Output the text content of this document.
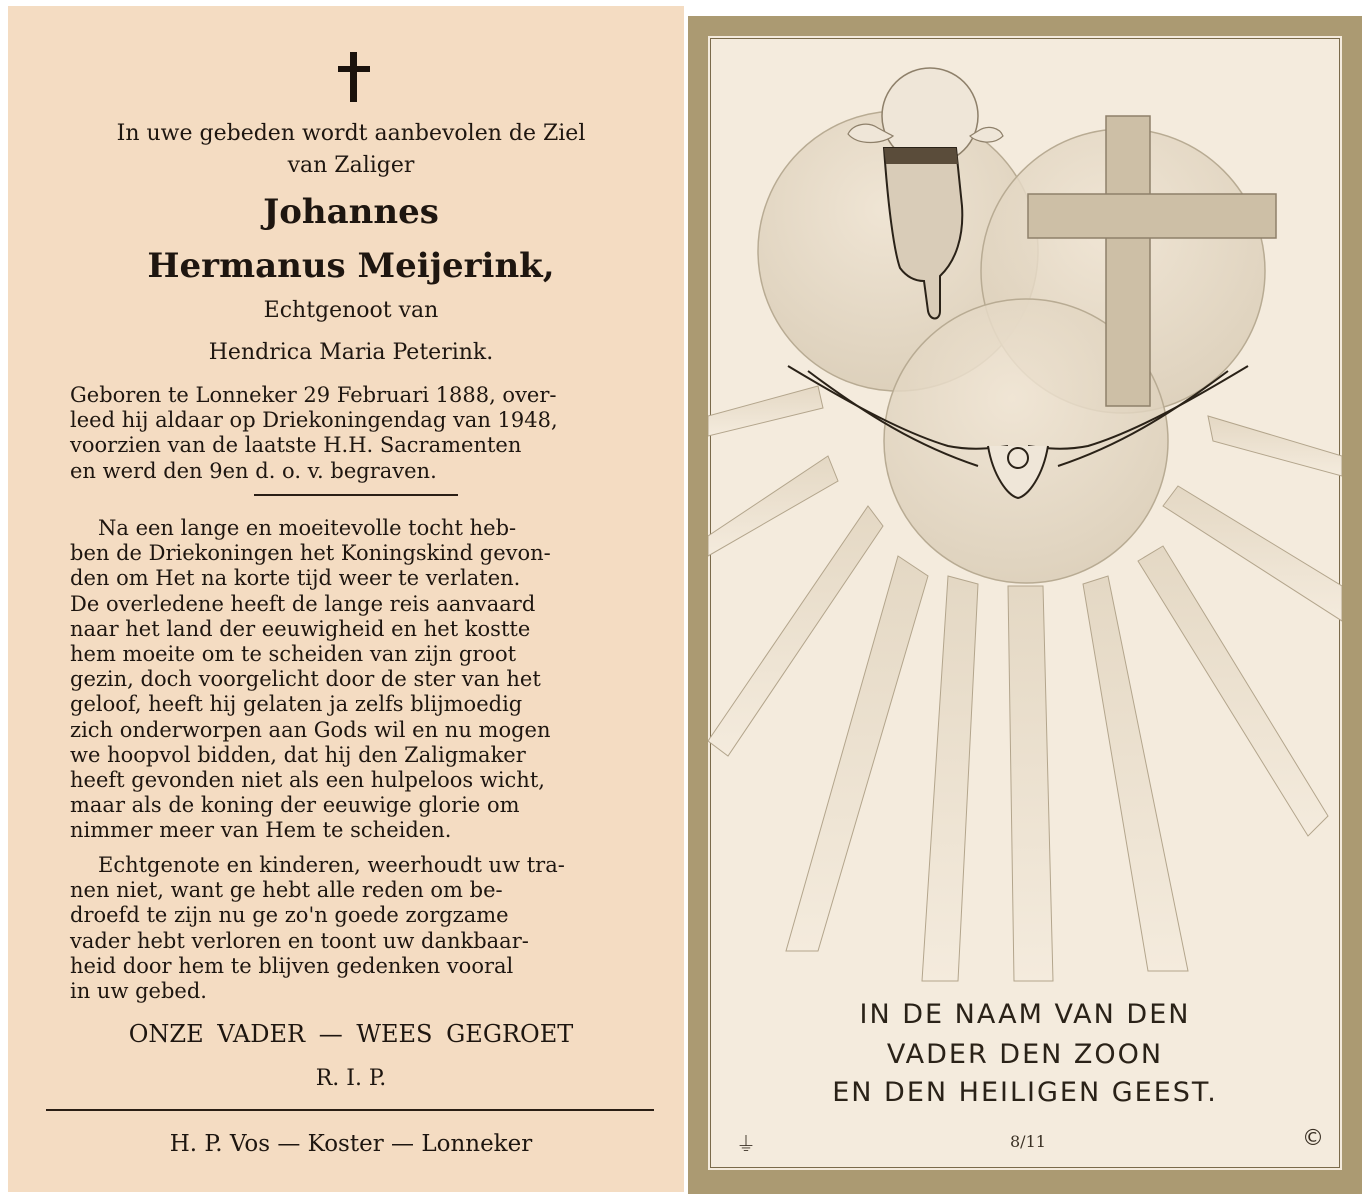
In uwe gebeden wordt aanbevolen de Ziel
van Zaliger
Johannes
Hermanus Meijerink,
Echtgenoot van
Hendrica Maria Peterink.
Geboren te Lonneker 29 Februari 1888, over-
leed hij aldaar op Driekoningendag van 1948,
voorzien van de laatste H.H. Sacramenten
en werd den 9en d. o. v. begraven.
Na een lange en moeitevolle tocht heb-
ben de Driekoningen het Koningskind gevon-
den om Het na korte tijd weer te verlaten.
De overledene heeft de lange reis aanvaard
naar het land der eeuwigheid en het kostte
hem moeite om te scheiden van zijn groot
gezin, doch voorgelicht door de ster van het
geloof, heeft hij gelaten ja zelfs blijmoedig
zich onderworpen aan Gods wil en nu mogen
we hoopvol bidden, dat hij den Zaligmaker
heeft gevonden niet als een hulpeloos wicht,
maar als de koning der eeuwige glorie om
nimmer meer van Hem te scheiden.
Echtgenote en kinderen, weerhoudt uw tra-
nen niet, want ge hebt alle reden om be-
droefd te zijn nu ge zo'n goede zorgzame
vader hebt verloren en toont uw dankbaar-
heid door hem te blijven gedenken vooral
in uw gebed.
ONZE VADER — WEES GEGROET
R. I. P.
H. P. Vos — Koster — Lonneker
IN DE NAAM VAN DEN
VADER DEN ZOON
EN DEN HEILIGEN GEEST.
⏚	8/11	©
